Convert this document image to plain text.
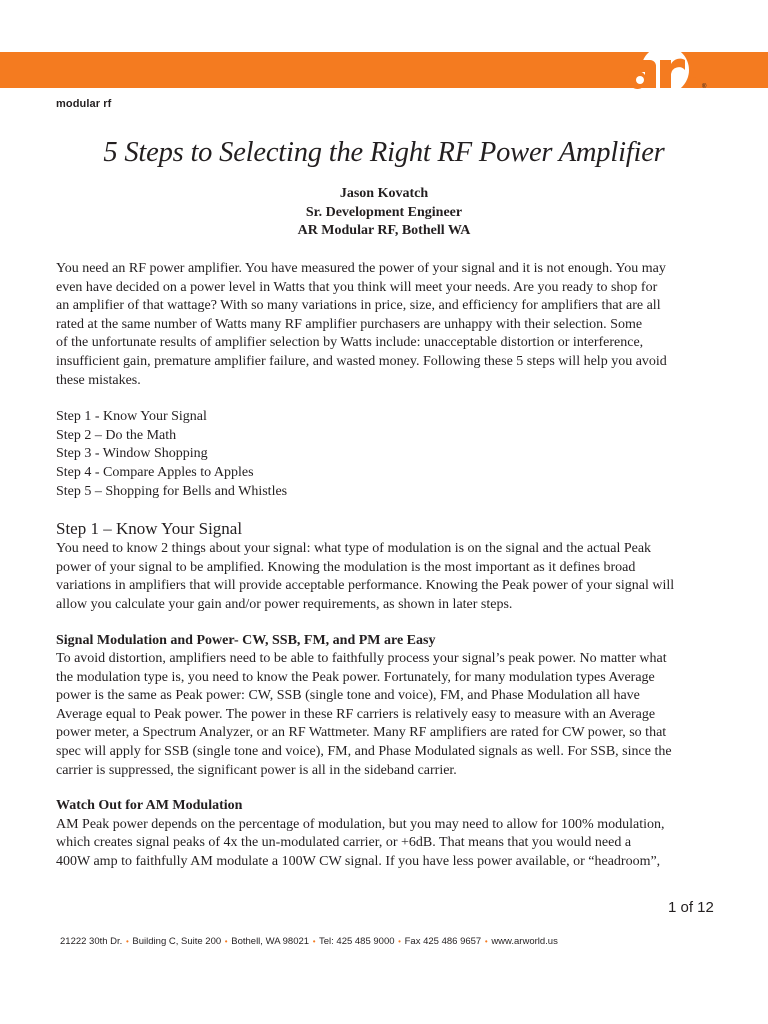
®
modular rf
5 Steps to Selecting the Right RF Power Amplifier
Jason Kovatch
Sr. Development Engineer
AR Modular RF, Bothell WA
You need an RF power amplifier. You have measured the power of your signal and it is not enough. You may
even have decided on a power level in Watts that you think will meet your needs. Are you ready to shop for
an amplifier of that wattage? With so many variations in price, size, and efficiency for amplifiers that are all
rated at the same number of Watts many RF amplifier purchasers are unhappy with their selection. Some
of the unfortunate results of amplifier selection by Watts include: unacceptable distortion or interference,
insufficient gain, premature amplifier failure, and wasted money. Following these 5 steps will help you avoid
these mistakes.
Step 1 - Know Your Signal
Step 2 – Do the Math
Step 3 - Window Shopping
Step 4 - Compare Apples to Apples
Step 5 – Shopping for Bells and Whistles
Step 1 – Know Your Signal
You need to know 2 things about your signal: what type of modulation is on the signal and the actual Peak
power of your signal to be amplified. Knowing the modulation is the most important as it defines broad
variations in amplifiers that will provide acceptable performance. Knowing the Peak power of your signal will
allow you calculate your gain and/or power requirements, as shown in later steps.
Signal Modulation and Power- CW, SSB, FM, and PM are Easy
To avoid distortion, amplifiers need to be able to faithfully process your signal’s peak power. No matter what
the modulation type is, you need to know the Peak power. Fortunately, for many modulation types Average
power is the same as Peak power: CW, SSB (single tone and voice), FM, and Phase Modulation all have
Average equal to Peak power. The power in these RF carriers is relatively easy to measure with an Average
power meter, a Spectrum Analyzer, or an RF Wattmeter. Many RF amplifiers are rated for CW power, so that
spec will apply for SSB (single tone and voice), FM, and Phase Modulated signals as well. For SSB, since the
carrier is suppressed, the significant power is all in the sideband carrier.
Watch Out for AM Modulation
AM Peak power depends on the percentage of modulation, but you may need to allow for 100% modulation,
which creates signal peaks of 4x the un-modulated carrier, or +6dB. That means that you would need a
400W amp to faithfully AM modulate a 100W CW signal. If you have less power available, or “headroom”,
1 of 12
21222 30th Dr. • Building C, Suite 200 • Bothell, WA 98021 • Tel: 425 485 9000 • Fax 425 486 9657 • www.arworld.us
